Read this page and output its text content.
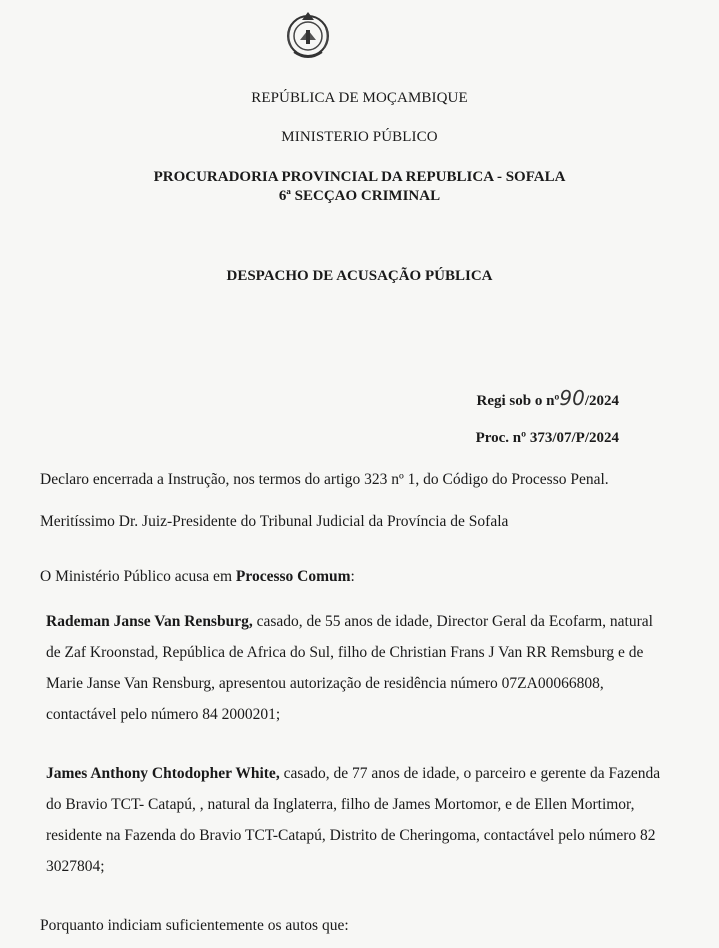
REPÚBLICA DE MOÇAMBIQUE
MINISTERIO PÚBLICO
PROCURADORIA PROVINCIAL DA REPUBLICA - SOFALA
6ª SECÇAO CRIMINAL
DESPACHO DE ACUSAÇÃO PÚBLICA
Regi sob o nº90/2024
Proc. nº 373/07/P/2024
Declaro encerrada a Instrução, nos termos do artigo 323 nº 1, do Código do Processo Penal.
Meritíssimo Dr. Juiz-Presidente do Tribunal Judicial da Província de Sofala
O Ministério Público acusa em Processo Comum:
Rademan Janse Van Rensburg, casado, de 55 anos de idade, Director Geral da Ecofarm, natural de Zaf Kroonstad, República de Africa do Sul, filho de Christian Frans J Van RR Remsburg e de Marie Janse Van Rensburg, apresentou autorização de residência número 07ZA00066808, contactável pelo número 84 2000201;
James Anthony Chtodopher White, casado, de 77 anos de idade, o parceiro e gerente da Fazenda do Bravio TCT- Catapú, , natural da Inglaterra, filho de James Mortomor, e de Ellen Mortimor, residente na Fazenda do Bravio TCT-Catapú, Distrito de Cheringoma, contactável pelo número 82 3027804;
Porquanto indiciam suficientemente os autos que:
